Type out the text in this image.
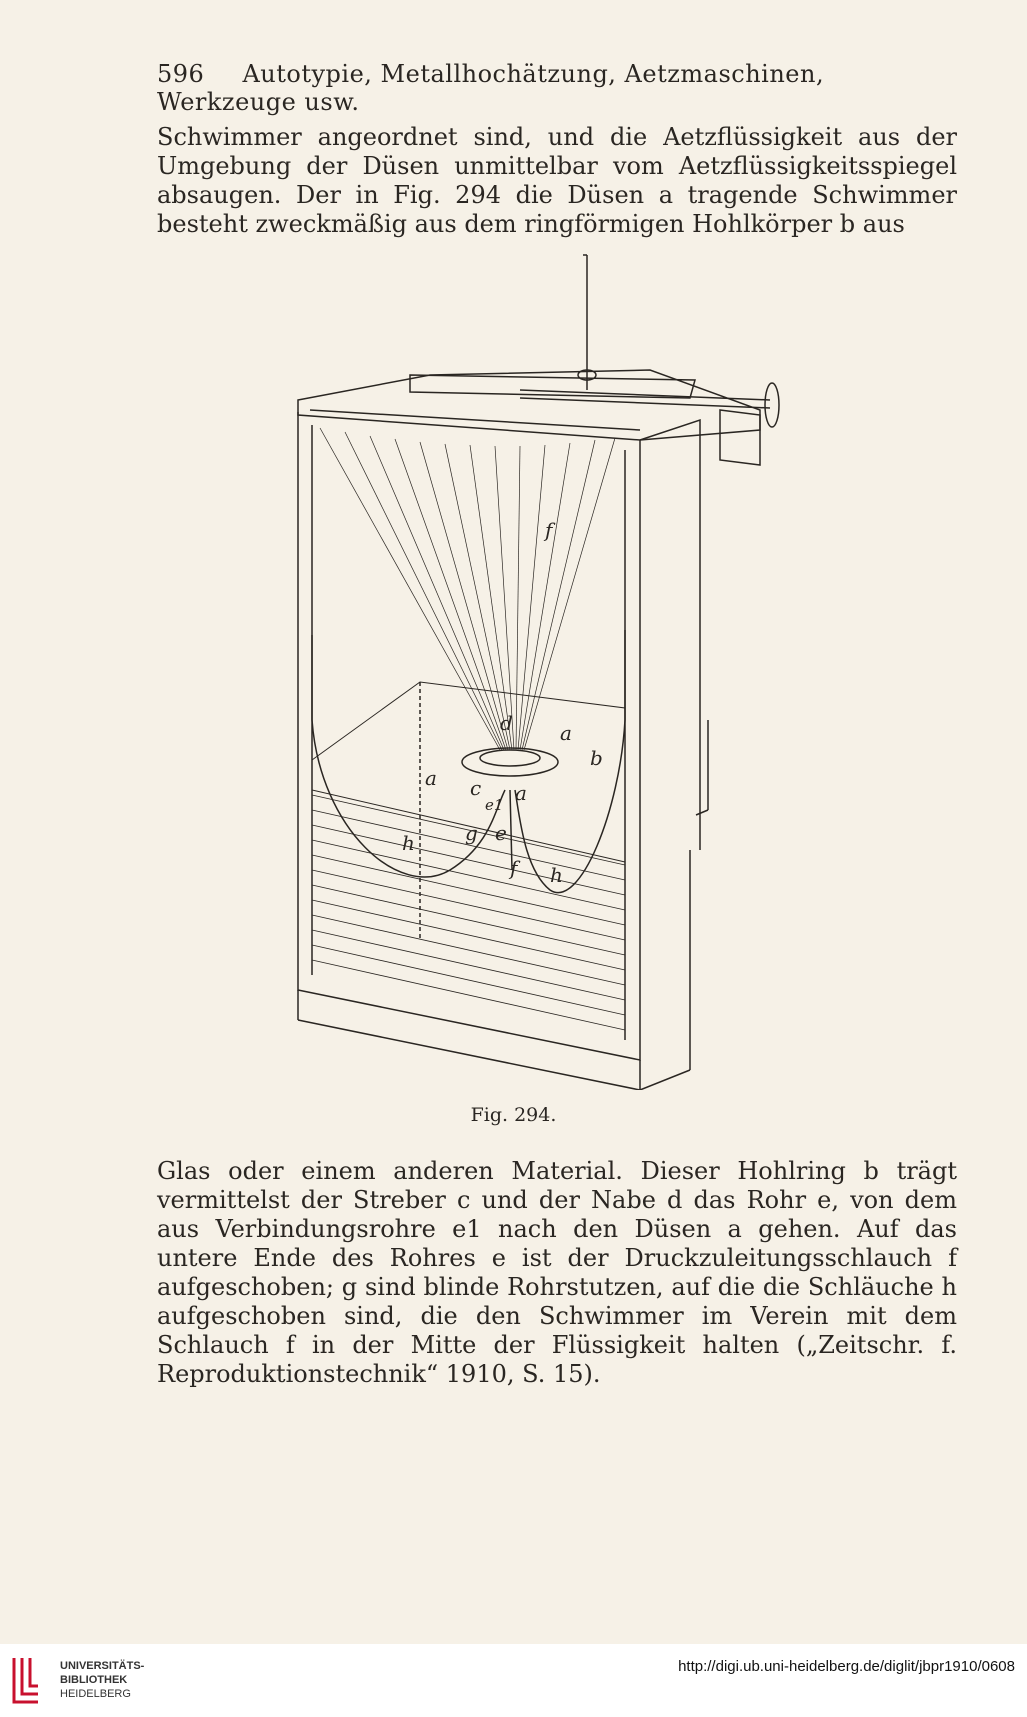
596 Autotypie, Metallhochätzung, Aetzmaschinen, Werkzeuge usw.

Schwimmer angeordnet sind, und die Aetzflüssigkeit aus der Umgebung der Düsen unmittelbar vom Aetzflüssigkeitsspiegel absaugen. Der in Fig. 294 die Düsen a tragende Schwimmer besteht zweckmäßig aus dem ringförmigen Hohlkörper b aus

f
a
a
a
b
d
c
e1
g e
h
h
f
Fig. 294.

Glas oder einem anderen Material. Dieser Hohlring b trägt vermittelst der Streber c und der Nabe d das Rohr e, von dem aus Verbindungsrohre e1 nach den Düsen a gehen. Auf das untere Ende des Rohres e ist der Druckzuleitungsschlauch f aufgeschoben; g sind blinde Rohrstutzen, auf die die Schläuche h aufgeschoben sind, die den Schwimmer im Verein mit dem Schlauch f in der Mitte der Flüssigkeit halten („Zeitschr. f. Reproduktionstechnik“ 1910, S. 15).

UNIVERSITÄTS-
BIBLIOTHEK
HEIDELBERG
http://digi.ub.uni-heidelberg.de/diglit/jbpr1910/0608
